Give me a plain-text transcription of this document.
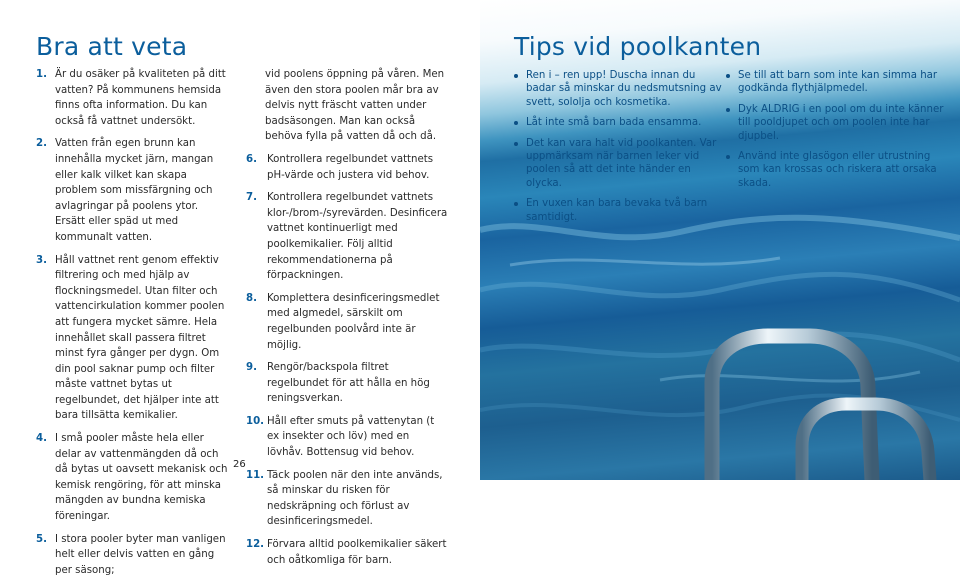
Bra att veta
1. Är du osäker på kvaliteten på ditt vatten? På kommunens hemsida finns ofta information. Du kan också få vattnet undersökt.
2. Vatten från egen brunn kan innehålla mycket järn, mangan eller kalk vilket kan skapa problem som missfärgning och avlagringar på poolens ytor. Ersätt eller späd ut med kommunalt vatten.
3. Håll vattnet rent genom effektiv filtrering och med hjälp av flockningsmedel. Utan filter och vattencirkulation kommer poolen att fungera mycket sämre. Hela innehållet skall passera filtret minst fyra gånger per dygn. Om din pool saknar pump och filter måste vattnet bytas ut regelbundet, det hjälper inte att bara tillsätta kemikalier.
4. I små pooler måste hela eller delar av vattenmängden då och då bytas ut oavsett mekanisk och kemisk rengöring, för att minska mängden av bundna kemiska föreningar.
5. I stora pooler byter man vanligen helt eller delvis vatten en gång per säsong;

vid poolens öppning på våren. Men även den stora poolen mår bra av delvis nytt fräscht vatten under badsäsongen. Man kan också behöva fylla på vatten då och då.

6. Kontrollera regelbundet vattnets pH-värde och justera vid behov.
7. Kontrollera regelbundet vattnets klor-/brom-/syrevärden. Desinficera vattnet kontinuerligt med poolkemikalier. Följ alltid rekommendationerna på förpackningen.
8. Komplettera desinficeringsmedlet med algmedel, särskilt om regelbunden poolvård inte är möjlig.
9. Rengör/backspola filtret regelbundet för att hålla en hög reningsverkan.
10. Håll efter smuts på vattenytan (t ex insekter och löv) med en lövhåv. Bottensug vid behov.
11. Täck poolen när den inte används, så minskar du risken för nedskräpning och förlust av desinficeringsmedel.
12. Förvara alltid poolkemikalier säkert och oåtkomliga för barn.
26
Tips vid poolkanten
Ren i – ren upp! Duscha innan du badar så minskar du nedsmutsning av svett, sololja och kosmetika.
Låt inte små barn bada ensamma.
Det kan vara halt vid poolkanten. Var uppmärksam när barnen leker vid poolen så att det inte händer en olycka.
En vuxen kan bara bevaka två barn samtidigt.
Se till att barn som inte kan simma har godkända flythjälpmedel.
Dyk ALDRIG i en pool om du inte känner till pooldjupet och om poolen inte har djupbel.
Använd inte glasögon eller utrustning som kan krossas och riskera att orsaka skada.
